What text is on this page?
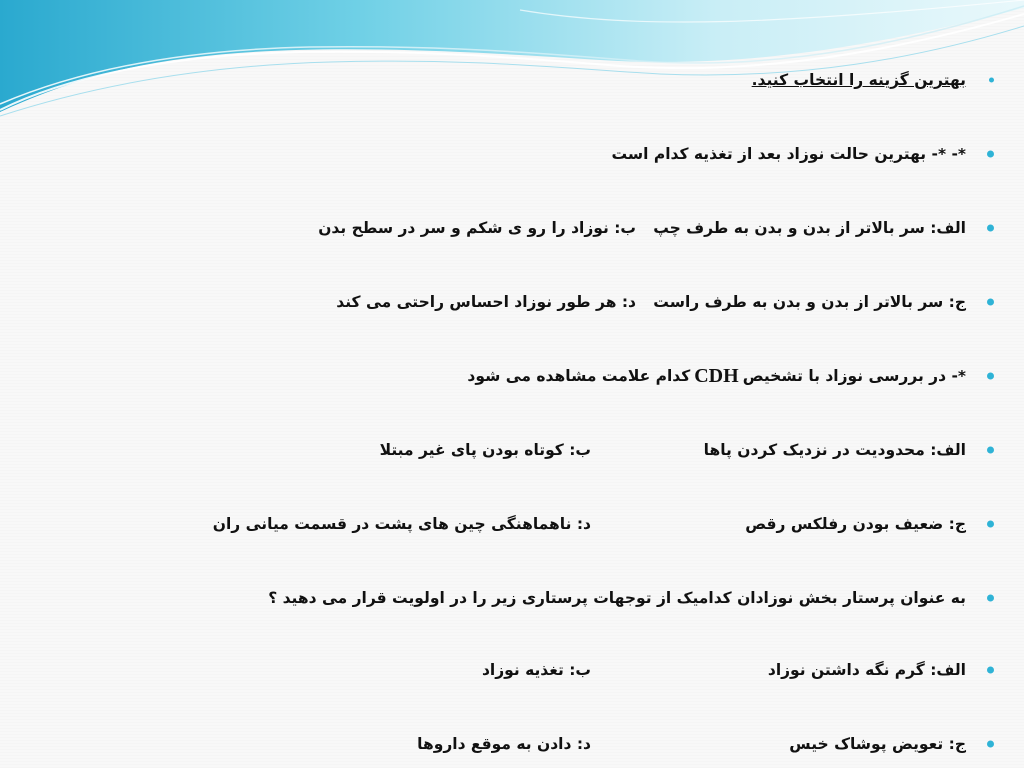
بهترین گزینه را انتخاب کنید.
*- *- بهترین حالت نوزاد بعد از تغذیه کدام است
الف: سر بالاتر از بدن و بدن به طرف چپ
ب: نوزاد را رو ی شکم و سر در سطح بدن
ج: سر بالاتر از بدن و بدن به طرف راست
د: هر طور نوزاد احساس راحتی می کند
*- در بررسی نوزاد با تشخیص
CDH
کدام علامت مشاهده می شود
الف: محدودیت در نزدیک کردن پاها
ب: کوتاه بودن پای غیر مبتلا
ج: ضعیف بودن رفلکس رقص
د: ناهماهنگی چین های پشت در قسمت میانی ران
به عنوان پرستار بخش نوزادان کدامیک از توجهات پرستاری زیر را در اولویت قرار می دهید ؟
الف: گرم نگه داشتن نوزاد
ب: تغذیه نوزاد
ج: تعویض پوشاک خیس
د: دادن به موقع داروها
